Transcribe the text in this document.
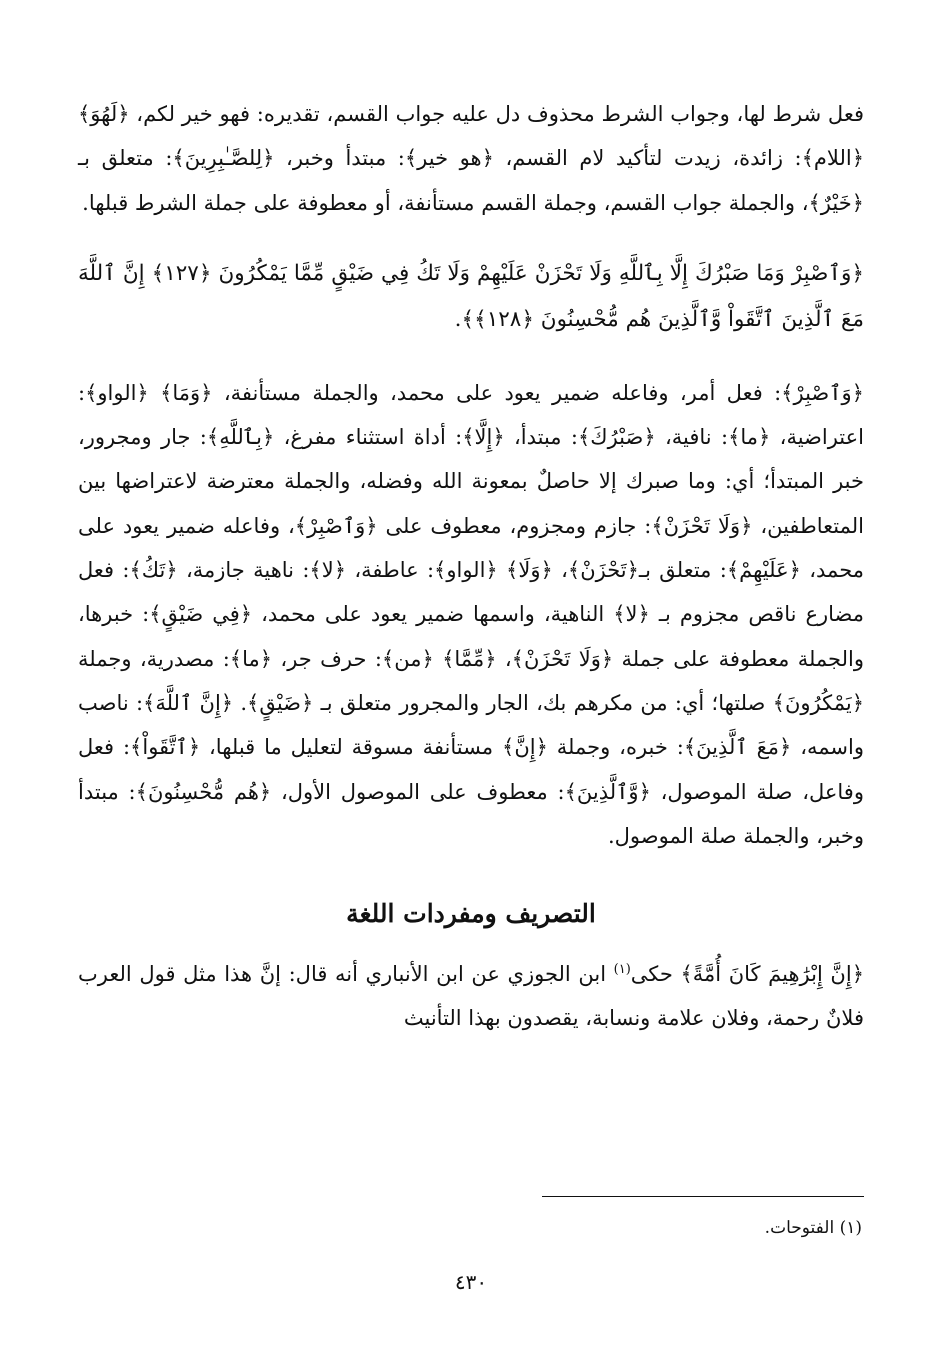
فعل شرط لها، وجواب الشرط محذوف دل عليه جواب القسم، تقديره: فهو خير لكم، ﴿لَهُوَ﴾ ﴿اللام﴾: زائدة، زيدت لتأكيد لام القسم، ﴿هو خير﴾: مبتدأ وخبر، ﴿لِلصَّـٰبِرِينَ﴾: متعلق بـ ﴿خَيْرٌ﴾، والجملة جواب القسم، وجملة القسم مستأنفة، أو معطوفة على جملة الشرط قبلها.

﴿وَٱصْبِرْ وَمَا صَبْرُكَ إِلَّا بِٱللَّهِ وَلَا تَحْزَنْ عَلَيْهِمْ وَلَا تَكُ فِي ضَيْقٍ مِّمَّا يَمْكُرُونَ ﴿١٢٧﴾ إِنَّ ٱللَّهَ مَعَ ٱلَّذِينَ ٱتَّقَواْ وَّٱلَّذِينَ هُم مُّحْسِنُونَ ﴿١٢٨﴾﴾.

﴿وَٱصْبِرْ﴾: فعل أمر، وفاعله ضمير يعود على محمد، والجملة مستأنفة، ﴿وَمَا﴾ ﴿الواو﴾: اعتراضية، ﴿ما﴾: نافية، ﴿صَبْرُكَ﴾: مبتدأ، ﴿إِلَّا﴾: أداة استثناء مفرغ، ﴿بِٱللَّهِ﴾: جار ومجرور، خبر المبتدأ؛ أي: وما صبرك إلا حاصلٌ بمعونة الله وفضله، والجملة معترضة لاعتراضها بين المتعاطفين، ﴿وَلَا تَحْزَنْ﴾: جازم ومجزوم، معطوف على ﴿وَٱصْبِرْ﴾، وفاعله ضمير يعود على محمد، ﴿عَلَيْهِمْ﴾: متعلق بـ﴿تَحْزَنْ﴾، ﴿وَلَا﴾ ﴿الواو﴾: عاطفة، ﴿لا﴾: ناهية جازمة، ﴿تَكُ﴾: فعل مضارع ناقص مجزوم بـ ﴿لا﴾ الناهية، واسمها ضمير يعود على محمد، ﴿فِي ضَيْقٍ﴾: خبرها، والجملة معطوفة على جملة ﴿وَلَا تَحْزَنْ﴾، ﴿مِّمَّا﴾ ﴿من﴾: حرف جر، ﴿ما﴾: مصدرية، وجملة ﴿يَمْكُرُونَ﴾ صلتها؛ أي: من مكرهم بك، الجار والمجرور متعلق بـ ﴿ضَيْقٍ﴾. ﴿إِنَّ ٱللَّهَ﴾: ناصب واسمه، ﴿مَعَ ٱلَّذِينَ﴾: خبره، وجملة ﴿إِنَّ﴾ مستأنفة مسوقة لتعليل ما قبلها، ﴿ٱتَّقَواْ﴾: فعل وفاعل، صلة الموصول، ﴿وَّٱلَّذِينَ﴾: معطوف على الموصول الأول، ﴿هُم مُّحْسِنُونَ﴾: مبتدأ وخبر، والجملة صلة الموصول.

التصريف ومفردات اللغة

﴿إِنَّ إِبْرَٰهِيمَ كَانَ أُمَّةً﴾ حكى$^{(١)}$ ابن الجوزي عن ابن الأنباري أنه قال: إنَّ هذا مثل قول العرب فلانٌ رحمة، وفلان علامة ونسابة، يقصدون بهذا التأنيث

(١) الفتوحات.
٤٣٠
